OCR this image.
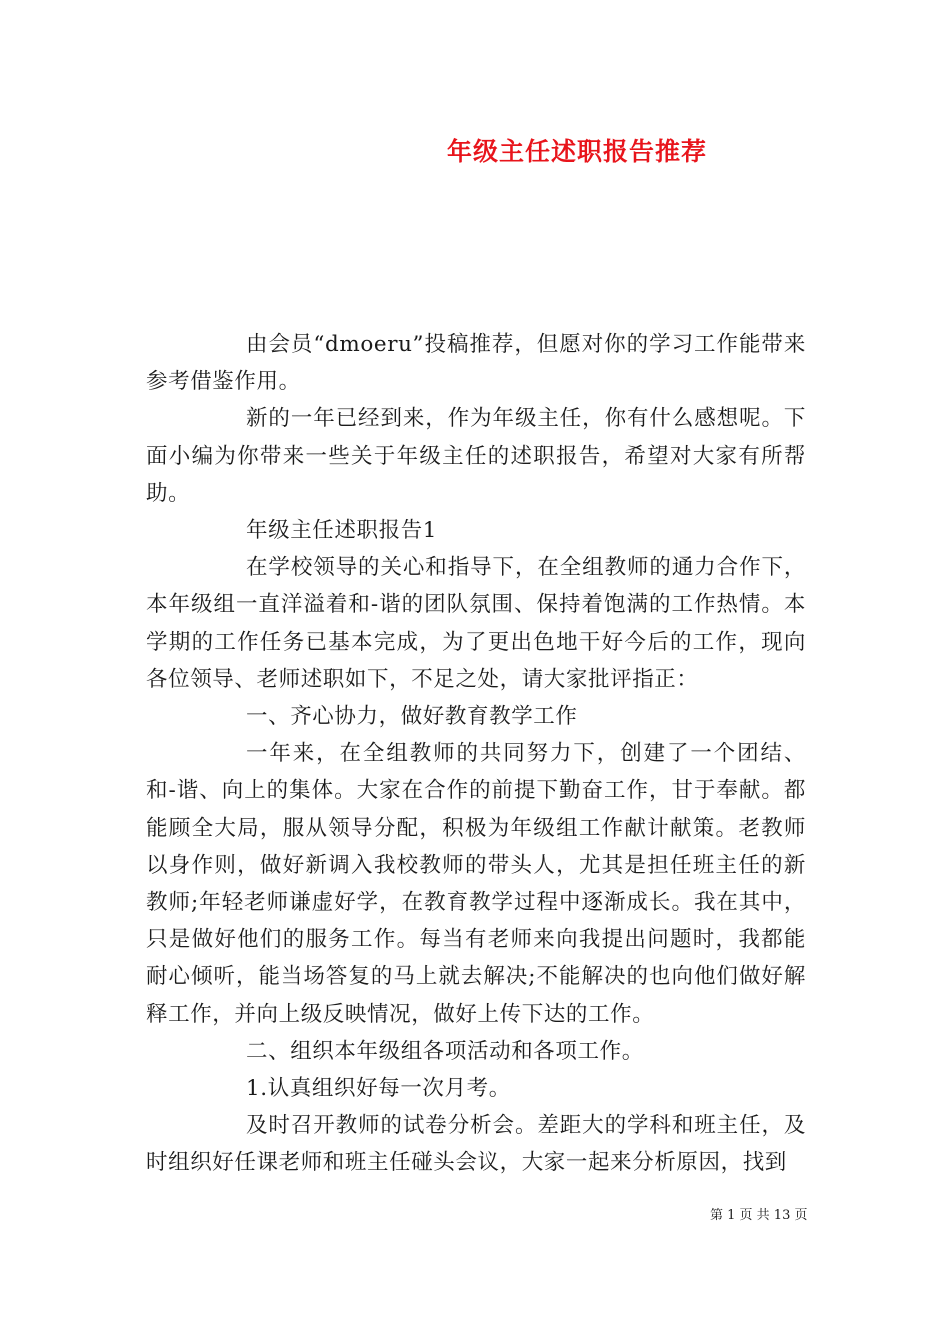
年级主任述职报告推荐

由会员“dmoeru”投稿推荐，但愿对你的学习工作能带来参考借鉴作用。

新的一年已经到来，作为年级主任，你有什么感想呢。下面小编为你带来一些关于年级主任的述职报告，希望对大家有所帮助。

年级主任述职报告1

在学校领导的关心和指导下，在全组教师的通力合作下，本年级组一直洋溢着和-谐的团队氛围、保持着饱满的工作热情。本学期的工作任务已基本完成，为了更出色地干好今后的工作，现向各位领导、老师述职如下，不足之处，请大家批评指正：

一、齐心协力，做好教育教学工作

一年来，在全组教师的共同努力下，创建了一个团结、和-谐、向上的集体。大家在合作的前提下勤奋工作，甘于奉献。都能顾全大局，服从领导分配，积极为年级组工作献计献策。老教师以身作则，做好新调入我校教师的带头人，尤其是担任班主任的新教师;年轻老师谦虚好学，在教育教学过程中逐渐成长。我在其中，只是做好他们的服务工作。每当有老师来向我提出问题时，我都能耐心倾听，能当场答复的马上就去解决;不能解决的也向他们做好解释工作，并向上级反映情况，做好上传下达的工作。

二、组织本年级组各项活动和各项工作。

1.认真组织好每一次月考。

及时召开教师的试卷分析会。差距大的学科和班主任，及时组织好任课老师和班主任碰头会议，大家一起来分析原因，找到

第 1 页 共 13 页
